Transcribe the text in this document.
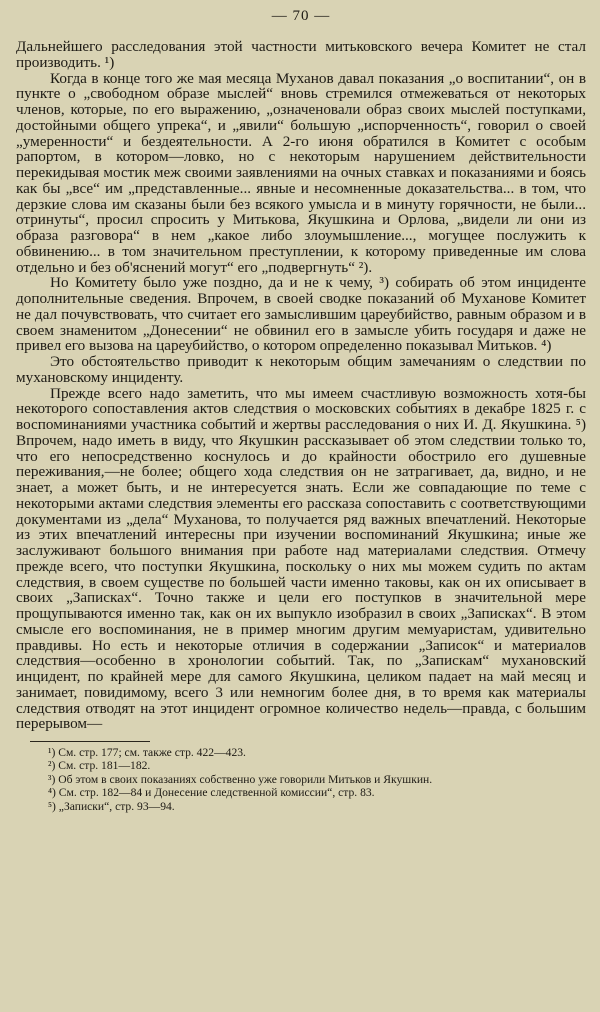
— 70 —

Дальнейшего расследования этой частности митьковского вечера Комитет не стал производить. ¹)

Когда в конце того же мая месяца Муханов давал показания „о воспитании“, он в пункте о „свободном образе мыслей“ вновь стремился отмежеваться от некоторых членов, которые, по его выражению, „означеновали образ своих мыслей поступками, достойными общего упрека“, и „явили“ большую „испорченность“, говорил о своей „умеренности“ и бездеятельности. А 2-го июня обратился в Комитет с особым рапортом, в котором—ловко, но с некоторым нарушением действительности перекидывая мостик меж своими заявлениями на очных ставках и показаниями и боясь как бы „все“ им „представленные... явные и несомненные доказательства... в том, что дерзкие слова им сказаны были без всякого умысла и в минуту горячности, не были... отринуты“, просил спросить у Митькова, Якушкина и Орлова, „видели ли они из образа разговора“ в нем „какое либо злоумышление..., могущее послужить к обвинению... в том значительном преступлении, к которому приведенные им слова отдельно и без об'яснений могут“ его „подвергнуть“ ²).

Но Комитету было уже поздно, да и не к чему, ³) собирать об этом инциденте дополнительные сведения. Впрочем, в своей сводке показаний об Муханове Комитет не дал почувствовать, что считает его замыслившим цареубийство, равным образом и в своем знаменитом „Донесении“ не обвинил его в замысле убить государя и даже не привел его вызова на цареубийство, о котором определенно показывал Митьков. ⁴)

Это обстоятельство приводит к некоторым общим замечаниям о следствии по мухановскому инциденту.

Прежде всего надо заметить, что мы имеем счастливую возможность хотя-бы некоторого сопоставления актов следствия о московских событиях в декабре 1825 г. с воспоминаниями участника событий и жертвы расследования о них И. Д. Якушкина. ⁵) Впрочем, надо иметь в виду, что Якушкин рассказывает об этом следствии только то, что его непосредственно коснулось и до крайности обострило его душевные переживания,—не более; общего хода следствия он не затрагивает, да, видно, и не знает, а может быть, и не интересуется знать. Если же совпадающие по теме с некоторыми актами следствия элементы его рассказа сопоставить с соответствующими документами из „дела“ Муханова, то получается ряд важных впечатлений. Некоторые из этих впечатлений интересны при изучении воспоминаний Якушкина; иные же заслуживают большого внимания при работе над материалами следствия. Отмечу прежде всего, что поступки Якушкина, поскольку о них мы можем судить по актам следствия, в своем существе по большей части именно таковы, как он их описывает в своих „Записках“. Точно также и цели его поступков в значительной мере прощупываются именно так, как он их выпукло изобразил в своих „Записках“. В этом смысле его воспоминания, не в пример многим другим мемуаристам, удивительно правдивы. Но есть и некоторые отличия в содержании „Записок“ и материалов следствия—особенно в хронологии событий. Так, по „Запискам“ мухановский инцидент, по крайней мере для самого Якушкина, целиком падает на май месяц и занимает, повидимому, всего 3 или немногим более дня, в то время как материалы следствия отводят на этот инцидент огромное количество недель—правда, с большим перерывом—

¹) См. стр. 177; см. также стр. 422—423.
²) См. стр. 181—182.
³) Об этом в своих показаниях собственно уже говорили Митьков и Якушкин.
⁴) См. стр. 182—84 и Донесение следственной комиссии“, стр. 83.
⁵) „Записки“, стр. 93—94.
